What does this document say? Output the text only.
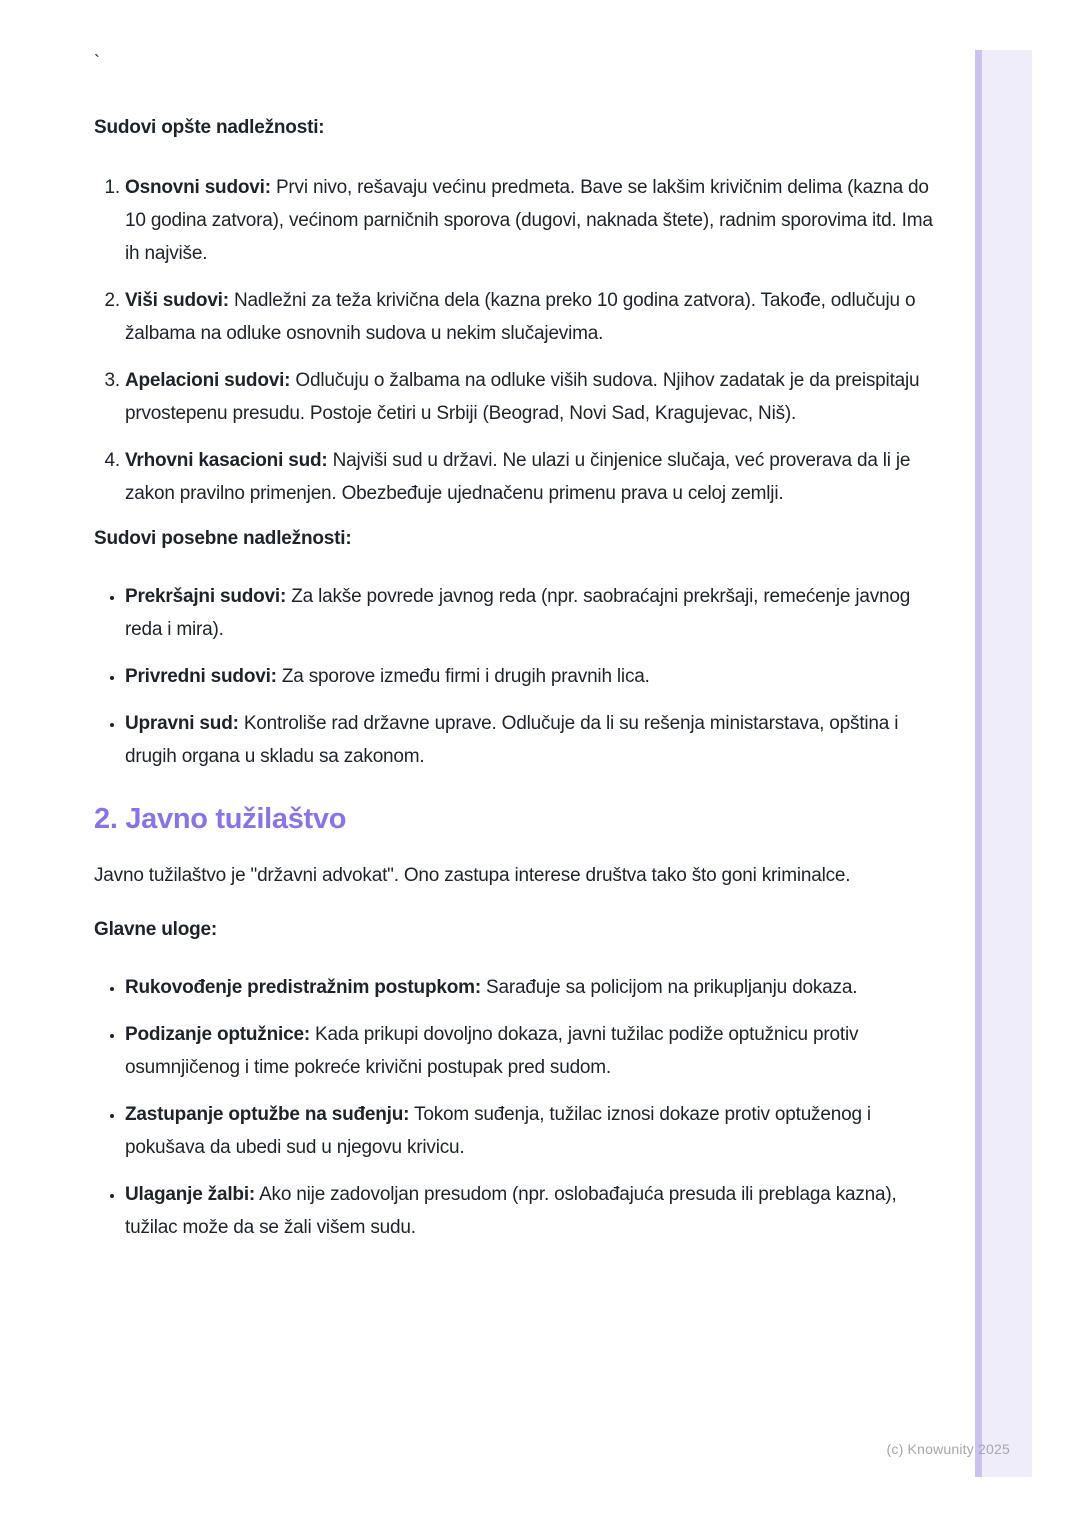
`
Sudovi opšte nadležnosti:
1. Osnovni sudovi: Prvi nivo, rešavaju većinu predmeta. Bave se lakšim krivičnim delima (kazna do 10 godina zatvora), većinom parničnih sporova (dugovi, naknada štete), radnim sporovima itd. Ima ih najviše.
2. Viši sudovi: Nadležni za teža krivična dela (kazna preko 10 godina zatvora). Takođe, odlučuju o žalbama na odluke osnovnih sudova u nekim slučajevima.
3. Apelacioni sudovi: Odlučuju o žalbama na odluke viših sudova. Njihov zadatak je da preispitaju prvostepenu presudu. Postoje četiri u Srbiji (Beograd, Novi Sad, Kragujevac, Niš).
4. Vrhovni kasacioni sud: Najviši sud u državi. Ne ulazi u činjenice slučaja, već proverava da li je zakon pravilno primenjen. Obezbeđuje ujednačenu primenu prava u celoj zemlji.
Sudovi posebne nadležnosti:
• Prekršajni sudovi: Za lakše povrede javnog reda (npr. saobraćajni prekršaji, remećenje javnog reda i mira).
• Privredni sudovi: Za sporove između firmi i drugih pravnih lica.
• Upravni sud: Kontroliše rad državne uprave. Odlučuje da li su rešenja ministarstava, opština i drugih organa u skladu sa zakonom.
2. Javno tužilaštvo

Javno tužilaštvo je "državni advokat". Ono zastupa interese društva tako što goni kriminalce.

Glavne uloge:
• Rukovođenje predistražnim postupkom: Sarađuje sa policijom na prikupljanju dokaza.
• Podizanje optužnice: Kada prikupi dovoljno dokaza, javni tužilac podiže optužnicu protiv osumnjičenog i time pokreće krivični postupak pred sudom.
• Zastupanje optužbe na suđenju: Tokom suđenja, tužilac iznosi dokaze protiv optuženog i pokušava da ubedi sud u njegovu krivicu.
• Ulaganje žalbi: Ako nije zadovoljan presudom (npr. oslobađajuća presuda ili preblaga kazna), tužilac može da se žali višem sudu.
(c) Knowunity 2025
